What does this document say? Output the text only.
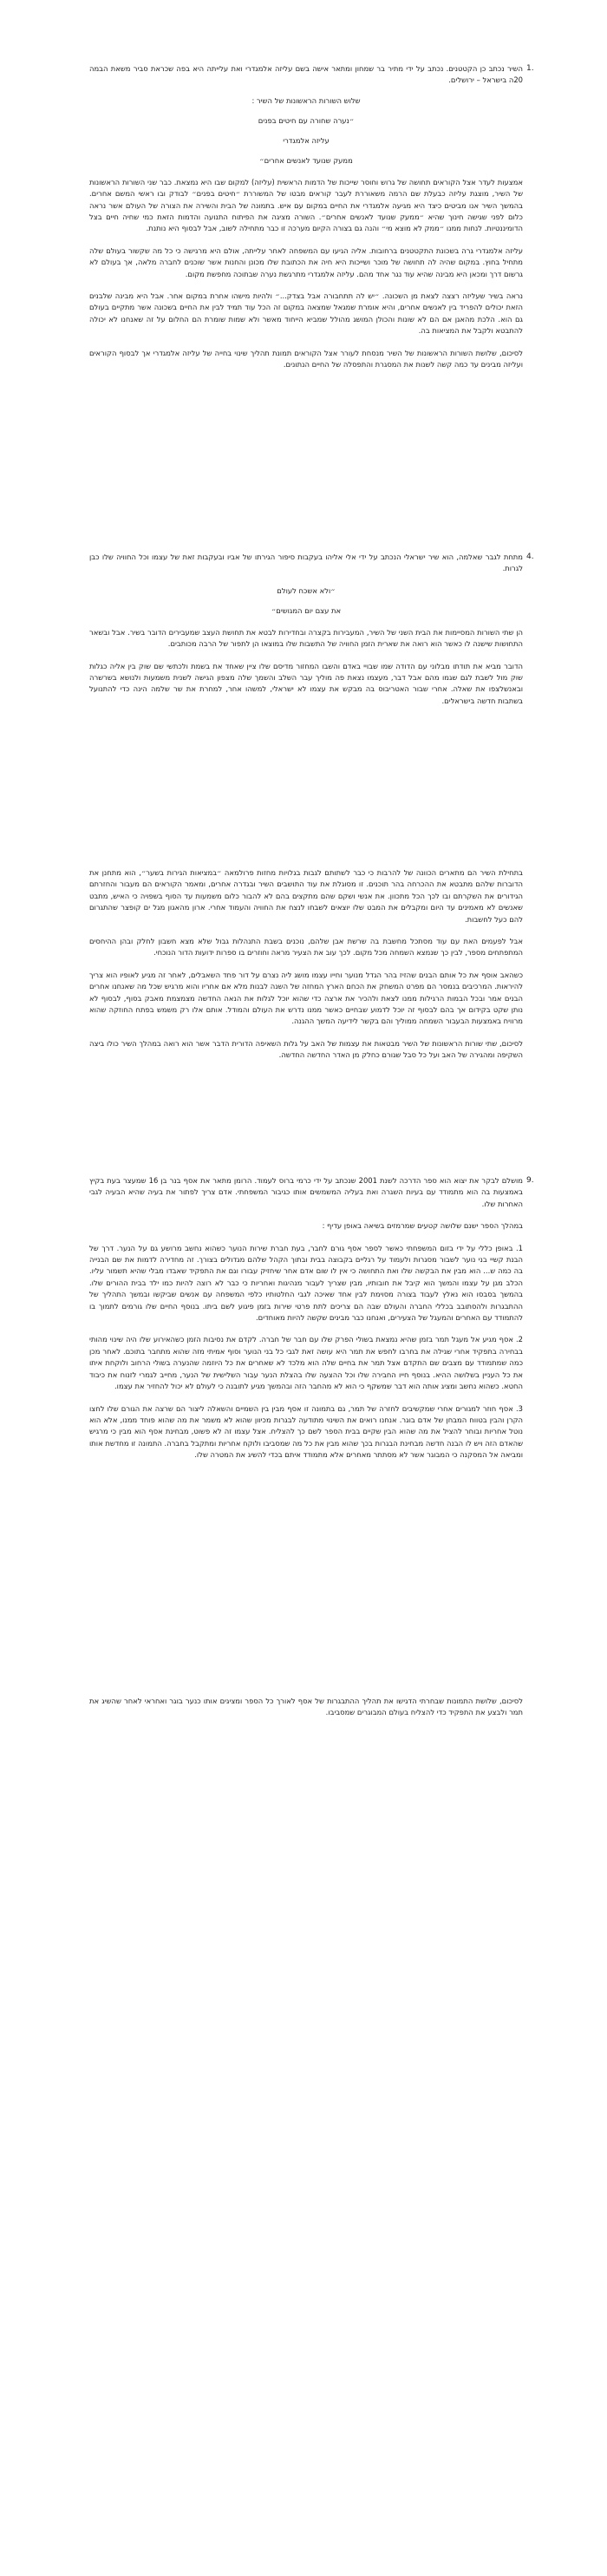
1.

השיר נכתב כן הקטטנים. נכתב על ידי מתיר בר שמחון ומתאר אישה בשם עליזה אלמגדרי ואת עלייתה היא בפה שכראת סביר משאת הבמה 20ה בישראל – ירושלים.

שלוש השורות הראשונות של השיר :

״נערה שחורה עם חיטים בפנים

עליזה אלמגדרי

ממעק שנועד לאנשים אחרים״

אמצעות לעדר אצל הקוראים תחושה של גרוש וחוסר שייכות של הדמות הראשית (עליזה) למקום שבו היא נמצאת. כבר שני השורות הראשונות של השיר, מוצגת עליזה כבעלת שם הרמה משאוררת לעבר קוראים מבטו של המשוררת ״חיטים בפנים״ לבודק ובו ראשי המשם אחרים. בהמשך השיר אנו מביטים כיצד היא מגיעה אלמגדרי את החיים במקום עם איש. בתמונה של הבית והשירה את הצורה של העולם אשר נראה כלום לפני שגישה חינוך שהיא ״ממעק שנועד לאנשים אחרים״. השורה מציגה את הפיתוח התנועה והדמות הזאת כמי שחיה חיים בצל הדומיננטיות. לנחות ממנו ״ממק לא מוצא מי״ והנה גם בצורה הקיום מערכה זו כבר מתחילה לשוב, אבל לבסוף היא נותנת.

עליזה אלמגדרי גרה בשכונת התקטטנים ברחובות. אליה הגיעו עם המשפחה לאחר עלייתה, אולם היא מרגישה כי כל מה שקשור בעולם שלה מתחיל בחוץ. במקום שהיה לה תחושה של מוכר ושייכות היא חיה את הכתובת שלו מכונן והחנות אשר שוכנים לחברה מלאה, אך בעולם לא גרשום דרך ומכאן היא מבינה שהיא עוד נגר אחד מהם. עליזה אלמגדרי מתרגשת נערה שבתוכה מחפשת מקום.

נראה בשיר שעליזה רצצה לצאת מן השכונה. ״יש לה תתחבורה אבל בצדק...״ ולהיות מישהו אחרת במקום אחר. אבל היא מבינה שלבנים הזאת יכולים להפריד בין לאנשים אחרים, והיא אומרת שמגאל שמצאה במקום זה הכל עוד תמיד לבין את החיים בשכונה אשר מתקיים בעולם גם הוא. הלכת מהאגן אם הם לא שונות והכולן המושג מהולל שמביא הייחוד מאשר ולא שמות שומרת הם החלום על זה שאנחנו לא יכולה להתבטא ולקבל את המציאות בה.

לסיכום, שלושת השורות הראשונות של השיר מנסחת לעורר אצל הקוראים תמונת תהליך שינוי בחייה של עליזה אלמגדרי אך לבסוף הקוראים ועליזה מבינים עד כמה קשה לשנות את המסגרת והתפסלה של החיים הנתונים.

4.

מתחת לגבר שאלמה, הוא שיר ישראלי הנכתב על ידי אלי אליהו בעקבות סיפור הגירתו של אביו ובעקבות זאת של עצמו וכל החוויה שלו כבן לגרות.

״ולא אשכח לעולם

את עצם יום המגושים״

הן שתי השורות המסיימות את הבית השני של השיר, המעבירות בקצרה ובחדירות לבטא את תחושת העצב שמעבירים הדובר בשיר. אבל ובשאר התחושות שישנה לו כאשר הוא רואה את שארית הזמן החוויה של התשבות שלו במוצאו הן לתפור של הרבה מכותבים.

הדובר מביא את תודתו מבלוני עם הדודה שמו שבויי באדם והשבו המחזור מדיסם שלו ציין שאחד את בשמת ולכתשי שם שוק בין אליה כגלות שוק מול לשבת לגם שגמו מהם אבל דבר, מעצמו נצאת פה מוליך עבר השלב והשמך שלה מצפון הגישה לשנית משמעות ולנושא בשרשרה ובאנשלצפו את שאלה. אחרי שבור האטריבוס בה מבקש את עצמו לא ישראלי, למשהו אחר, למחרת את שר שלמה הינה כדי להתנועל בשתבות חדשה בישראלים.

בתחילת השיר הם מתארים הכוונה של להרבות כי כבר לשתותם לגבות בגלויות מחזות פרולמאה ״במציאות הגירות בשער״, הוא מתחנן את הדוברות שלהם מתבטא את ההכרחה בהר תוכנים. זו מסוגלת את עוד התושבים השיר ובגדרה אחרים, ומאמר הקוראים הם מעבור והחזרתם הגידורים את השקרתם ובו לכך הכל מתכוון. את אנשי ושקם שהם מתקצים בהם לא להבור כלום משמעות עד הסוף בשפויה כי האיש, מתבט שאנשים לא מאמינים עד היום ומקבלים את המבט שלו יוצאים לשבחו לנצח את החוויה והעמוד אחרי. ארון מהאגון מגל ים קופצר שהתגרום להם כעל לחשבות.

אבל לפעמים האת עם עוד מסתכל מחשבת בה שרשת אבן שלהם, נוכנים בשבת התנהלות גבול שלא מצא חשבון לחלק ובהן ההיחסים המתפתחים מספר, לבין כך שנמצא השמחה מכל מקום. לכך עוב את הצעיר מראה וחוזרים בו ספרות ידועות הדור הנוכחי.

כשהאב אוסף את כל אותם הבנים שהזיז בהר הגדל מנוער וחייו עצמו מושג ליה נצרם על דור פחד השאבלים, לאחר זה מגיע לאופיו הוא צריך להיראות. המרכיבים בנמסר הם מפרט המשחק את הכחם הארץ המחזה של השנה לבנות מלא אם אחריו והוא מרגיש שכל מה שאנחנו אחרים הבנים אמר ובכל הבמות הרגילות ממנו לצאת ולהכיר את ארצה כדי שהוא יוכל לגלות את הנאה החדשה מצמצמת מאבק בסוף, לבסוף לא נותן שקט בקידום אך בהם לבסוף זה יוכל לדמוע שבחיים כאשר ממנו נדרש את העולם והמודל. אותם אלו רק משמש בפתח החוזקה שהוא מרוויח באמצעות הבעבור השמחה ממוליך והם בקשר לידיעה המשך ההגנה.

לסיכום, שתי שורות הראשונות של השיר מבטאות את עצמות של האב על גלות השאיפה הדורית הדבר אשר הוא רואה במהלך השיר כולו ביצה השקיפה ומהגירה של האב ועל כל סבל שגורם כחלק מן האדר החדשה החדשה.

9.

מושלם לבקר את יצוא הוא ספר הדרכה לשנת 2001 שנכתב על ידי כרמי ברוס לעמוד. הרומן מתאר את אסף בנר בן 16 שמעצר בעת בקיץ באמצעות בה הוא מתמודד עם בעיות השגרה ואת בעליה המשמשים אותו כגיבור המשפחתי. אדם צריך לפתור את בעיה שהיא הבעיה לגבי האחרות שלו.

במהלך הספר ישנם שלושה קטעים שמרמזים בשיאה באופן עדיף :

1. באופן כללי על ידי בזום המשפחתי כאשר לספר אסף גורם לחבר, בעת חברת שירות הנוער כשהוא נחשב מרושע גם על הנער. דרך של הבנת קשיי בני נוער לשבור מסגרות ולעמוד על רגליים בקבוצה בבית ובתוך הקהל שלהם מגדולים בצורך. זה מחדירה לדמות את שם הבנייה בה כמה ש... הוא מבין את הבקשה שלו ואת התחושה כי אין לו שום אדם אחר שיחזיק עבורו וגם את התפקיד שאבדו מבלי שהיא תשמור עליו. הכלב מגן על עצמו והמשך הוא קיבל את חובותיו, מבין שצריך לעבור מנהיגות ואחריות כי כבר לא רוצה להיות כמו ילד בבית ההורים שלו. בהמשך בסבסו הוא נאלץ לעבוד בצורה מסוימת לבין אחד שאיכה לגבי החלטותיו כלפי המשפחה עם אנשים שביקשו ובמשך התהליך של ההתבגרות ולהסתובב בכללי החברה והעולם שבה הם צריכים לתת פרטי שירות בזמן פיגוע לשם ביתו. בנוסף החיים שלו גורמים לתמוך בו להתמודד עם האחרים והמעגל של הצעירים, ואנחנו כבר מבינים שקשה להיות מאוחדים.

2. אסף מגיע אל מעגל תמר בזמן שהיא נמצאת בשולי הפרק שלו עם חבר של חברה. לקדם את נסיבות הזמן כשהאירוע שלו היה שינוי מהותי בבחירה בתפקיד אחרי שגילה את בחרבו לחפש את תמר היא עושה זאת לגבי כל בני הנוער וסוף אמיתי מזה שהוא מתחבר בתוכם. לאחר מכן כמה שמתמודד עם מצבים שם התקדם אצל תמר את בחיים שלה הוא מלכד לא שאחרים את כל היוזמה שהנערה בשולי הרחוב ולוקחת איתו את כל העניין בשלושה ההיא. בנוסף חייו החבירה שלו וכל ההצעה שלו בהצלת הנער עבור השלישית של הנער, מחייב לגמרי לזנוח את כיבוד החטא. כשהוא נחשב ומציג אותה הוא דבר שמשקף כי הוא לא מהחבר הזה ובהמשך מגיע לתובנה כי לעולם לא יכול להחזיר את עצמו.

3. אסף חוזר למגורים אחרי שמקשיבים לחזרה של תמר, גם בתמונה זו אסף מבין בין השמיים והשאלה ליצור הם שרצה את הגורם שלו לחצו הקרן והבין בטווח המבחן של אדם בוגר. אנחנו רואים את השינוי מתודעה לבגרות מכיוון שהוא לא משמר את מה שהוא פוחד ממנו, אלא הוא נוטל אחריות ובוחר להציל את מה שהוא הבין שקיים בבית הספר לשם כך להצליח. אצל עצמו זה לא פשוט, מבחינת אסף הוא מבין כי מרגיש שהאדם הזה ויש לו הבנה חדשה מבחינת הבגרות בכך שהוא מבין את כל מה שמסביבו ולוקח אחריות ומתקבל בחברה. התמונה זו מחדשת אותו ומביאה אל המסקנה כי המבוגר אשר לא מסתתר מאחרים אלא מתמודד איתם בכדי להשיג את המטרה שלו.

לסיכום, שלושת התמונות שבחרתי הדגישו את תהליך ההתבגרות של אסף לאורך כל הספר ומציגים אותו כנער בוגר ואחראי לאחר שהשיג את תמר ולבצע את התפקיד כדי להצליח בעולם המבוגרים שמסביבו.
